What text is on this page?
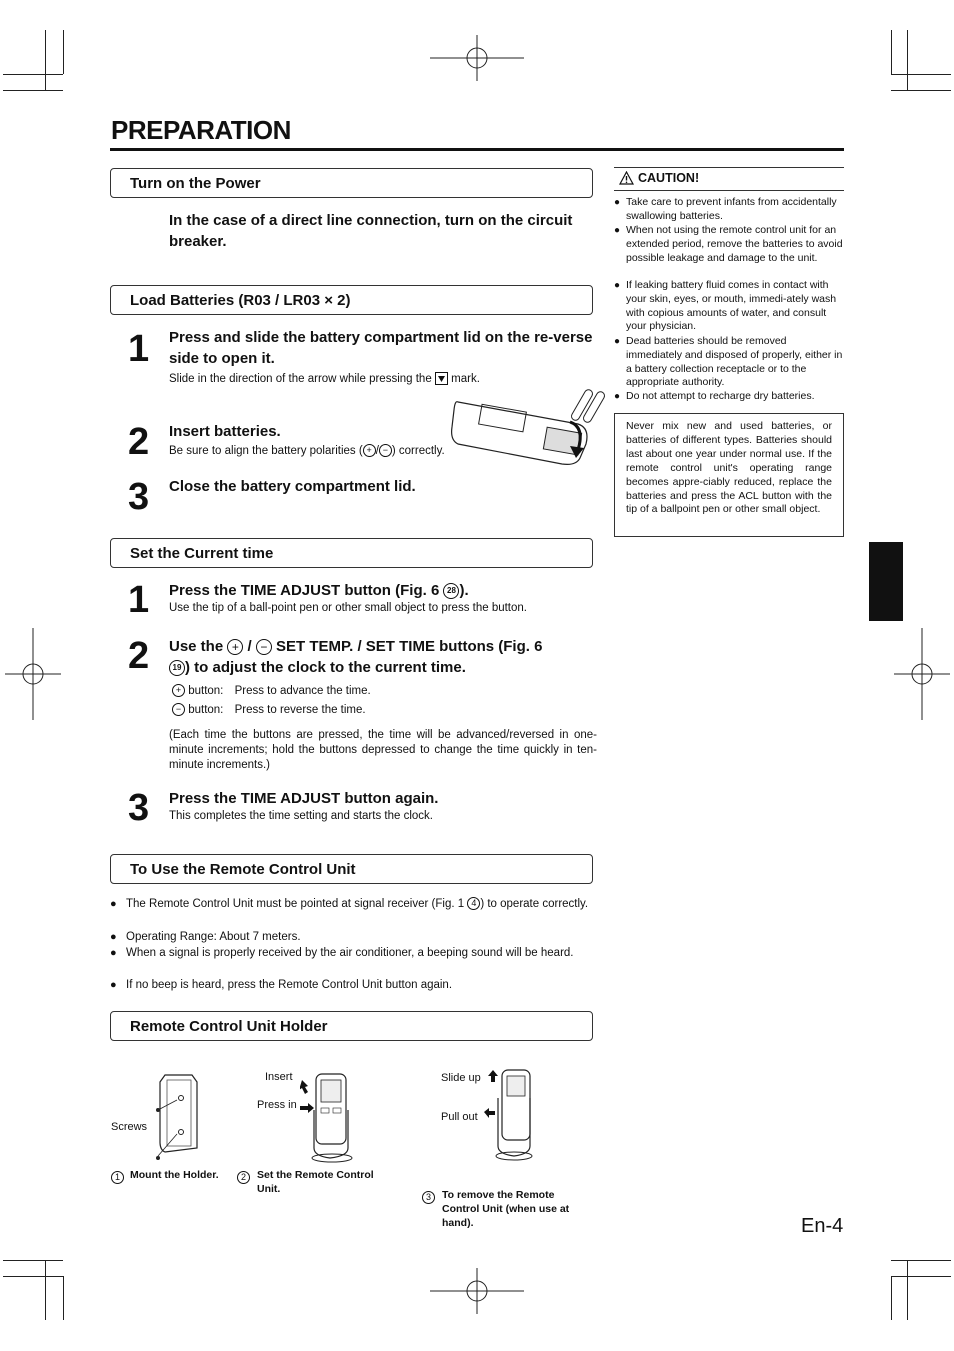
PREPARATION
Turn on the Power
In the case of a direct line connection, turn on the circuit breaker.
Load Batteries (R03 / LR03 × 2)
1 Press and slide the battery compartment lid on the re-verse side to open it.
Slide in the direction of the arrow while pressing the mark.
2 Insert batteries.
Be sure to align the battery polarities ( + / − ) correctly.
3 Close the battery compartment lid.
Set the Current time
1 Press the TIME ADJUST button (Fig. 6 28 ).
Use the tip of a ball-point pen or other small object to press the button.
2 Use the + / − SET TEMP. / SET TIME buttons (Fig. 6
19 ) to adjust the clock to the current time.
+ button: Press to advance the time.
− button: Press to reverse the time.
(Each time the buttons are pressed, the time will be advanced/reversed in one-minute increments; hold the buttons depressed to change the time quickly in ten-minute increments.)
3 Press the TIME ADJUST button again.
This completes the time setting and starts the clock.
To Use the Remote Control Unit
● The Remote Control Unit must be pointed at signal receiver (Fig. 1 4 ) to operate correctly.
● Operating Range: About 7 meters.
● When a signal is properly received by the air conditioner, a beeping sound will be heard.
● If no beep is heard, press the Remote Control Unit button again.
Remote Control Unit Holder
Screws
Insert
Press in
Slide up
Pull out
1 Mount the Holder.	2	Set the Remote Control Unit.
3	To remove the Remote Control Unit (when use at hand).
CAUTION!
● Take care to prevent infants from accidentally swallowing batteries.
● When not using the remote control unit for an extended period, remove the batteries to avoid possible leakage and damage to the unit.
● If leaking battery fluid comes in contact with your skin, eyes, or mouth, immedi-ately wash with copious amounts of water, and consult your physician.
● Dead batteries should be removed immediately and disposed of properly, either in a battery collection receptacle or to the appropriate authority.
● Do not attempt to recharge dry batteries.
Never mix new and used batteries, or batteries of different types. Batteries should last about one year under normal use. If the remote control unit's operating range becomes appre-ciably reduced, replace the batteries and press the ACL button with the tip of a ballpoint pen or other small object.
En-4
